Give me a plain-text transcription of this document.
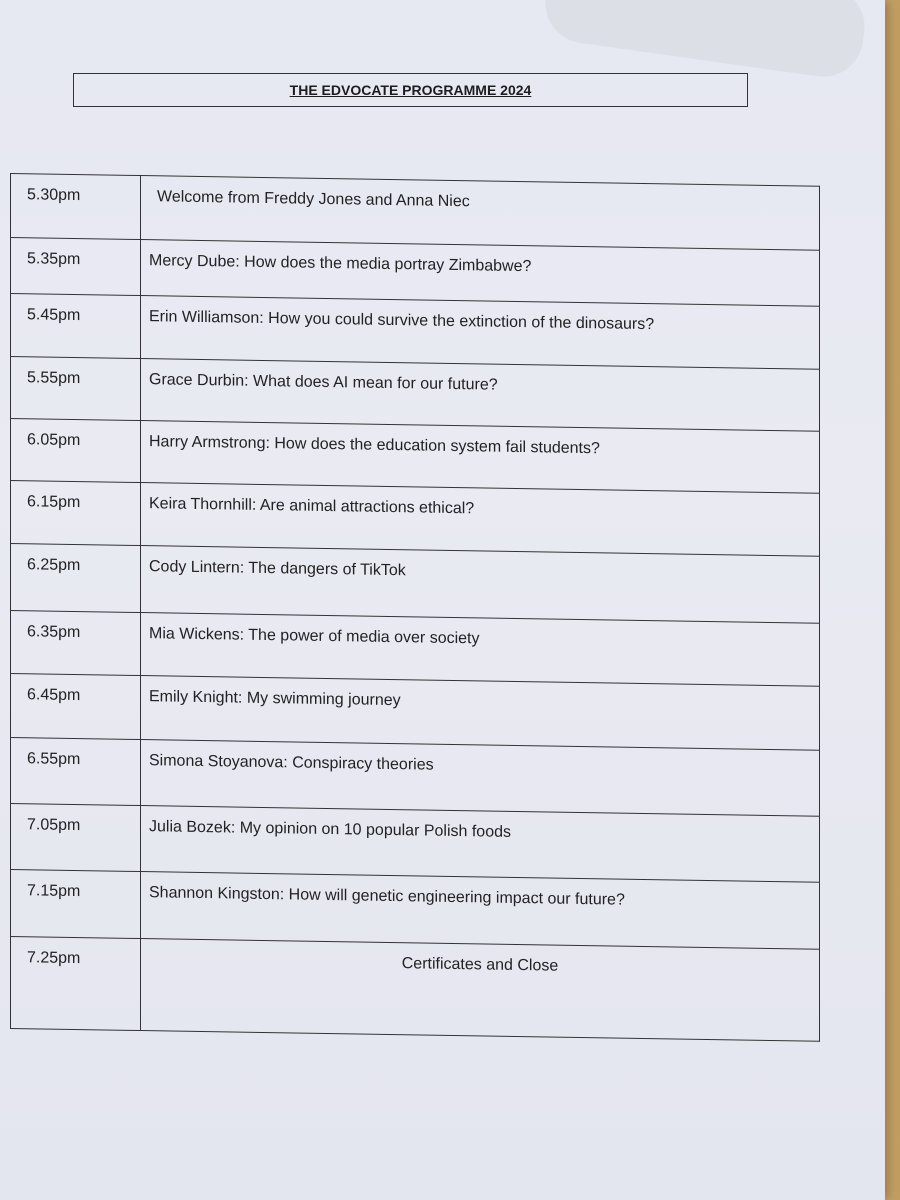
THE EDVOCATE PROGRAMME 2024
5.30pm	Welcome from Freddy Jones and Anna Niec
5.35pm	Mercy Dube: How does the media portray Zimbabwe?
5.45pm	Erin Williamson: How you could survive the extinction of the dinosaurs?
5.55pm	Grace Durbin: What does AI mean for our future?
6.05pm	Harry Armstrong: How does the education system fail students?
6.15pm	Keira Thornhill: Are animal attractions ethical?
6.25pm	Cody Lintern: The dangers of TikTok
6.35pm	Mia Wickens: The power of media over society
6.45pm	Emily Knight: My swimming journey
6.55pm	Simona Stoyanova: Conspiracy theories
7.05pm	Julia Bozek: My opinion on 10 popular Polish foods
7.15pm	Shannon Kingston: How will genetic engineering impact our future?
7.25pm	Certificates and Close
